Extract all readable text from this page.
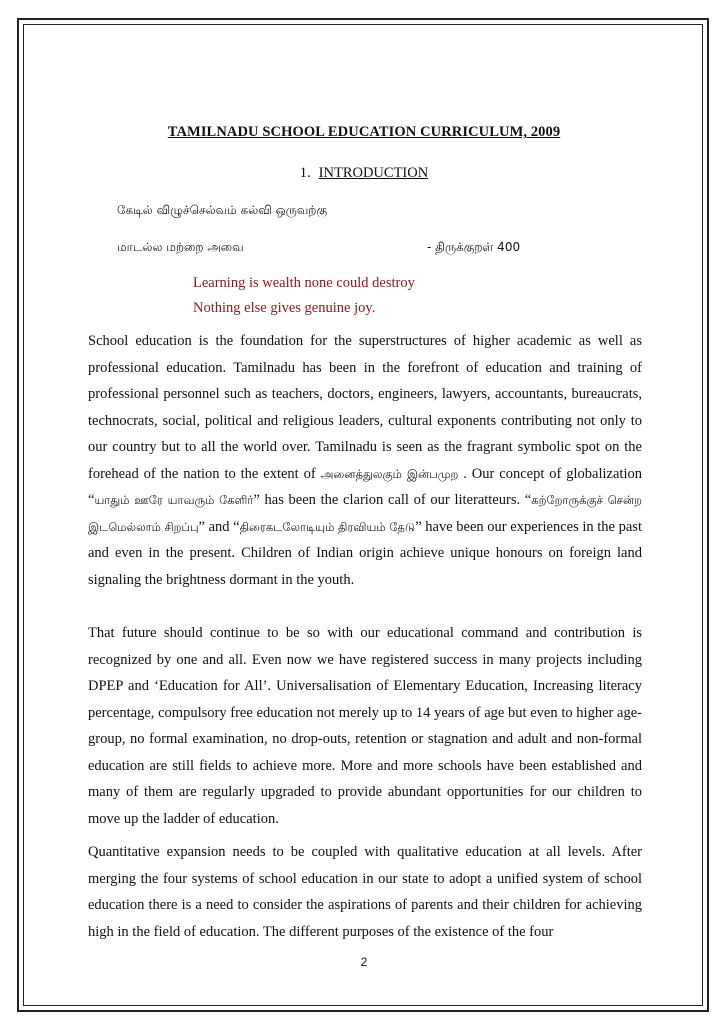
TAMILNADU SCHOOL EDUCATION CURRICULUM, 2009
1. INTRODUCTION
கேடில் விழுச்செல்வம் கல்வி ஒருவற்கு
மாடல்ல மற்றை அவை	- திருக்குறள் 400
Learning is wealth none could destroy
Nothing else gives genuine joy.

School education is the foundation for the superstructures of higher academic as well as professional education. Tamilnadu has been in the forefront of education and training of professional personnel such as teachers, doctors, engineers, lawyers, accountants, bureaucrats, technocrats, social, political and religious leaders, cultural exponents contributing not only to our country but to all the world over. Tamilnadu is seen as the fragrant symbolic spot on the forehead of the nation to the extent of அனைத்துலகும் இன்பமுற . Our concept of globalization “யாதும் ஊரே யாவரும் கேளிர்” has been the clarion call of our literatteurs. “கற்றோருக்குச் சென்ற இடமெல்லாம் சிறப்பு” and “திரைகடலோடியும் திரவியம் தேடு” have been our experiences in the past and even in the present. Children of Indian origin achieve unique honours on foreign land signaling the brightness dormant in the youth.

That future should continue to be so with our educational command and contribution is recognized by one and all. Even now we have registered success in many projects including DPEP and ‘Education for All’. Universalisation of Elementary Education, Increasing literacy percentage, compulsory free education not merely up to 14 years of age but even to higher age-group, no formal examination, no drop-outs, retention or stagnation and adult and non-formal education are still fields to achieve more. More and more schools have been established and many of them are regularly upgraded to provide abundant opportunities for our children to move up the ladder of education.

Quantitative expansion needs to be coupled with qualitative education at all levels. After merging the four systems of school education in our state to adopt a unified system of school education there is a need to consider the aspirations of parents and their children for achieving high in the field of education. The different purposes of the existence of the four

2
